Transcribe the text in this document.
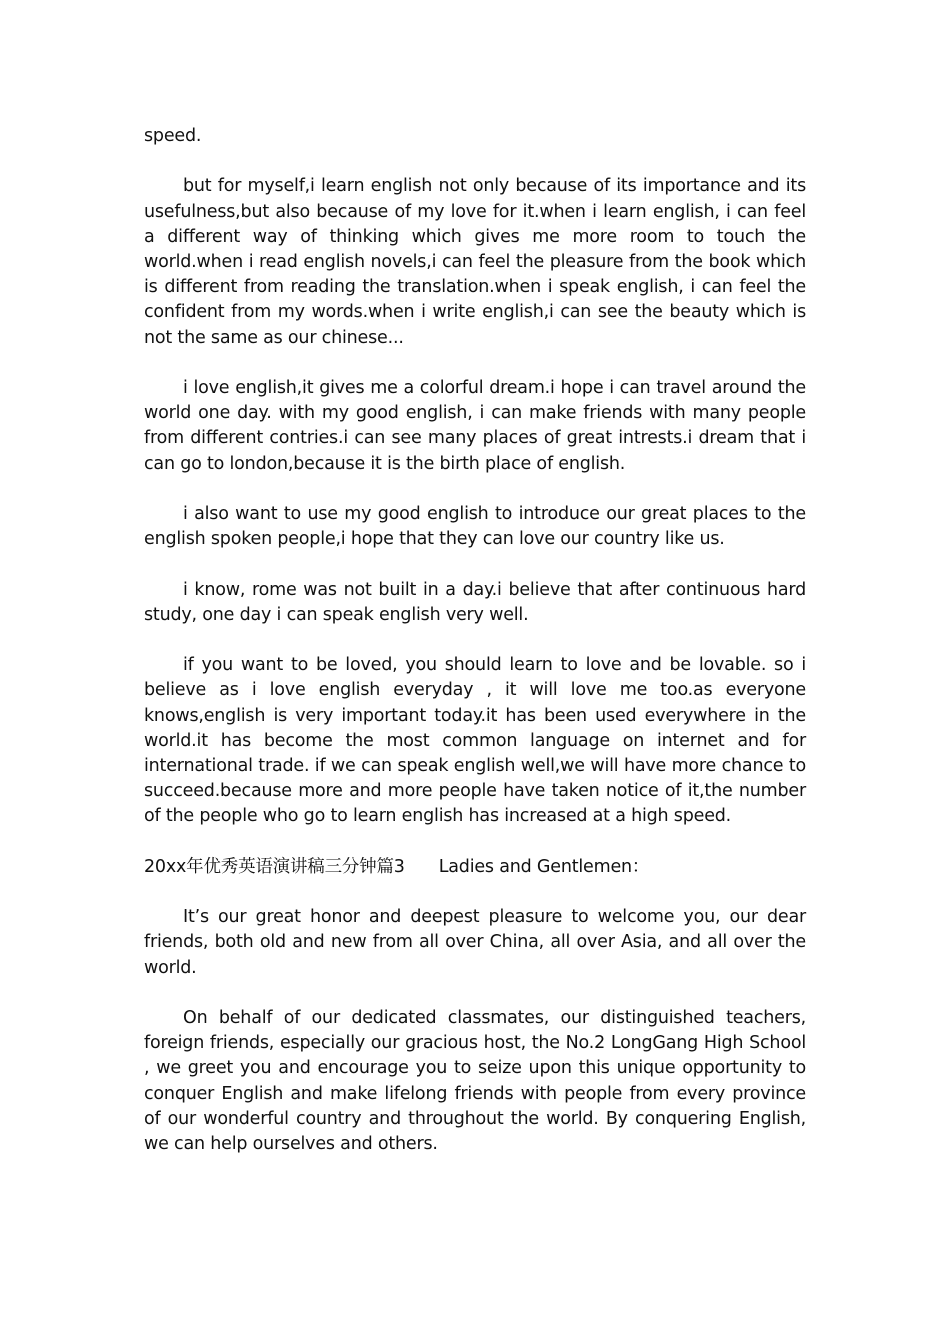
speed.

but for myself,i learn english not only because of its importance and its usefulness,but also because of my love for it.when i learn english, i can feel a different way of thinking which gives me more room to touch the world.when i read english novels,i can feel the pleasure from the book which is different from reading the translation.when i speak english, i can feel the confident from my words.when i write english,i can see the beauty which is not the same as our chinese...

i love english,it gives me a colorful dream.i hope i can travel around the world one day. with my good english, i can make friends with many people from different contries.i can see many places of great intrests.i dream that i can go to london,because it is the birth place of english.

i also want to use my good english to introduce our great places to the english spoken people,i hope that they can love our country like us.

i know, rome was not built in a day.i believe that after continuous hard study, one day i can speak english very well.

if you want to be loved, you should learn to love and be lovable. so i believe as i love english everyday , it will love me too.as everyone knows,english is very important today.it has been used everywhere in the world.it has become the most common language on internet and for international trade. if we can speak english well,we will have more chance to succeed.because more and more people have taken notice of it,the number of the people who go to learn english has increased at a high speed.

20xx年优秀英语演讲稿三分钟篇3 Ladies and Gentlemen：

It’s our great honor and deepest pleasure to welcome you, our dear friends, both old and new from all over China, all over Asia, and all over the world.

On behalf of our dedicated classmates, our distinguished teachers, foreign friends, especially our gracious host, the No.2 LongGang High School , we greet you and encourage you to seize upon this unique opportunity to conquer English and make lifelong friends with people from every province of our wonderful country and throughout the world. By conquering English, we can help ourselves and others.
